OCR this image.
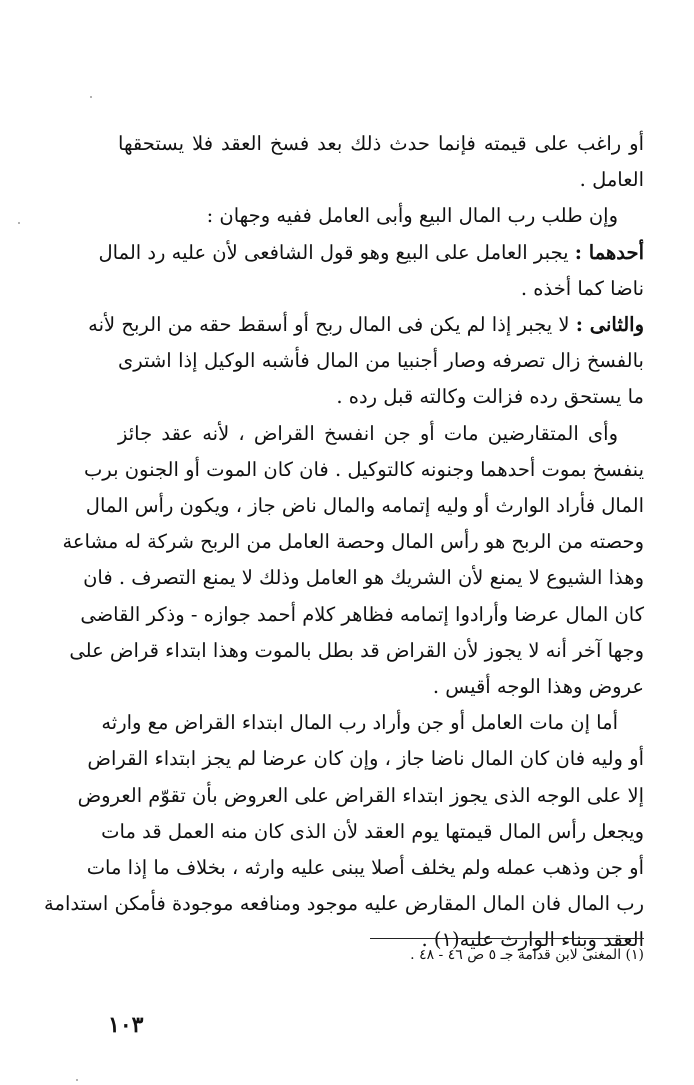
أو راغب على قيمته فإنما حدث ذلك بعد فسخ العقد فلا يستحقها
العامل .
وإن طلب رب المال البيع وأبى العامل ففيه وجهان :
أحدهما : يجبر العامل على البيع وهو قول الشافعى لأن عليه رد المال
ناضا كما أخذه .
والثانى : لا يجبر إذا لم يكن فى المال ربح أو أسقط حقه من الربح لأنه
بالفسخ زال تصرفه وصار أجنبيا من المال فأشبه الوكيل إذا اشترى
ما يستحق رده فزالت وكالته قبل رده .
وأى المتقارضين مات أو جن انفسخ القراض ، لأنه عقد جائز
ينفسخ بموت أحدهما وجنونه كالتوكيل . فان كان الموت أو الجنون برب
المال فأراد الوارث أو وليه إتمامه والمال ناض جاز ، ويكون رأس المال
وحصته من الربح هو رأس المال وحصة العامل من الربح شركة له مشاعة
وهذا الشيوع لا يمنع لأن الشريك هو العامل وذلك لا يمنع التصرف . فان
كان المال عرضا وأرادوا إتمامه فظاهر كلام أحمد جوازه - وذكر القاضى
وجها آخر أنه لا يجوز لأن القراض قد بطل بالموت وهذا ابتداء قراض على
عروض وهذا الوجه أقيس .
أما إن مات العامل أو جن وأراد رب المال ابتداء القراض مع وارثه
أو وليه فان كان المال ناضا جاز ، وإن كان عرضا لم يجز ابتداء القراض
إلا على الوجه الذى يجوز ابتداء القراض على العروض بأن تقوّم العروض
ويجعل رأس المال قيمتها يوم العقد لأن الذى كان منه العمل قد مات
أو جن وذهب عمله ولم يخلف أصلا يبنى عليه وارثه ، بخلاف ما إذا مات
رب المال فان المال المقارض عليه موجود ومنافعه موجودة فأمكن استدامة
العقد وبناء الوارث عليه(١) .
(١) المغنى لابن قدامة جـ ٥ ص ٤٦ - ٤٨ .
١٠٣
